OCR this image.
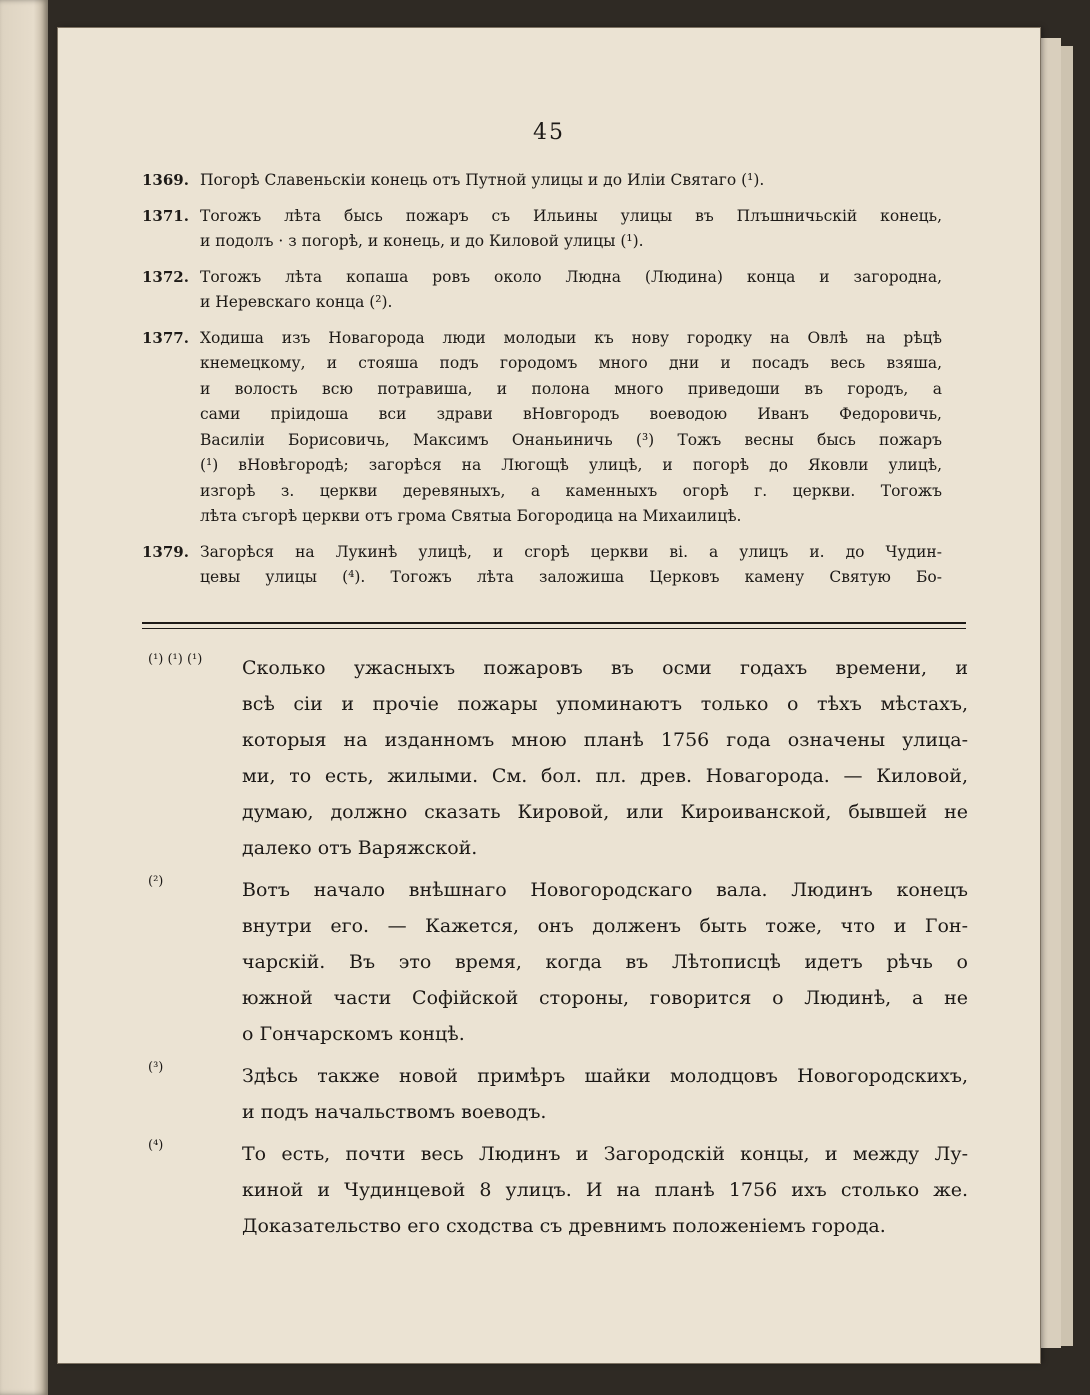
45
1369. Погорѣ Славеньскіи конець отъ Путной улицы и до Иліи Святаго (¹).
1371. Тогожъ лѣта бысь пожаръ съ Ильины улицы въ Плъшничьскій конець,
и подолъ · з погорѣ, и конець, и до Киловой улицы (¹).
1372. Тогожъ лѣта копаша ровъ около Людна (Людина) конца и загородна,
и Неревскаго конца (²).
1377. Ходиша изъ Новагорода люди молодыи къ нову городку на Овлѣ на рѣцѣ
кнемецкому, и стояша подъ городомъ много дни и посадъ весь взяша,
и волость всю потравиша, и полона много приведоши въ городъ, а
сами пріидоша вси здрави вНовгородъ воеводою Иванъ Федоровичь,
Василіи Борисовичь, Максимъ Онаньиничь (³) Тожъ весны бысь пожаръ
(¹) вНовѣгородѣ; загорѣся на Люгощѣ улицѣ, и погорѣ до Яковли улицѣ,
изгорѣ з. церкви деревяныхъ, а каменныхъ огорѣ г. церкви. Тогожъ
лѣта съгорѣ церкви отъ грома Святыа Богородица на Михаилицѣ.
1379. Загорѣся на Лукинѣ улицѣ, и сгорѣ церкви ві. а улицъ и. до Чудин-
цевы улицы (⁴). Тогожъ лѣта заложиша Церковъ камену Святую Бо-
(¹) (¹) (¹) Сколько ужасныхъ пожаровъ въ осми годахъ времени, и
всѣ сіи и прочіе пожары упоминаютъ только о тѣхъ мѣстахъ,
которыя на изданномъ мною планѣ 1756 года означены улица-
ми, то есть, жилыми. См. бол. пл. древ. Новагорода. — Киловой,
думаю, должно сказать Кировой, или Кироиванской, бывшей не
далеко отъ Варяжской.
(²)	Вотъ начало внѣшнаго Новогородскаго вала. Людинъ конецъ
внутри его. — Кажется, онъ долженъ быть тоже, что и Гон-
чарскій. Въ это время, когда въ Лѣтописцѣ идетъ рѣчь о
южной части Софійской стороны, говорится о Людинѣ, а не
о Гончарскомъ концѣ.
(³)	Здѣсь также новой примѣръ шайки молодцовъ Новогородскихъ,
и подъ начальствомъ воеводъ.
(⁴)	То есть, почти весь Людинъ и Загородскій концы, и между Лу-
киной и Чудинцевой 8 улицъ. И на планѣ 1756 ихъ столько же.
Доказательство его сходства съ древнимъ положеніемъ города.
